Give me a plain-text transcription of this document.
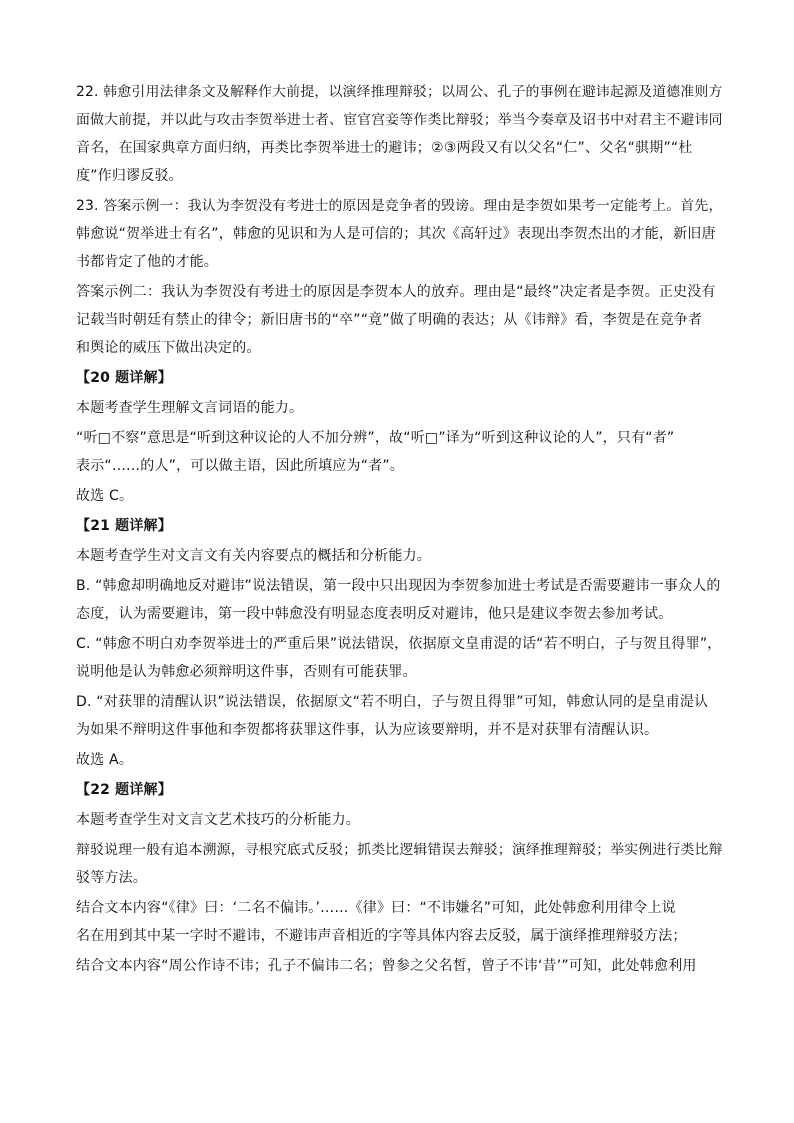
22. 韩愈引用法律条文及解释作大前提，以演绎推理辩驳；以周公、孔子的事例在避讳起源及道德准则方
面做大前提，并以此与攻击李贺举进士者、宦官宫妾等作类比辩驳；举当今奏章及诏书中对君主不避讳同
音名，在国家典章方面归纳，再类比李贺举进士的避讳；②③两段又有以父名“仁”、父名“骐期”“杜
度”作归谬反驳。
23. 答案示例一：我认为李贺没有考进士的原因是竞争者的毁谤。理由是李贺如果考一定能考上。首先，
韩愈说“贺举进士有名”，韩愈的见识和为人是可信的；其次《高轩过》表现出李贺杰出的才能，新旧唐
书都肯定了他的才能。
答案示例二：我认为李贺没有考进士的原因是李贺本人的放弃。理由是“最终”决定者是李贺。正史没有
记载当时朝廷有禁止的律令；新旧唐书的“卒”“竟”做了明确的表达；从《讳辩》看，李贺是在竞争者
和舆论的威压下做出决定的。
【20 题详解】
本题考查学生理解文言词语的能力。
“听□不察”意思是“听到这种议论的人不加分辨”，故“听□”译为“听到这种议论的人”，只有“者”
表示“……的人”，可以做主语，因此所填应为“者”。
故选 C。
【21 题详解】
本题考查学生对文言文有关内容要点的概括和分析能力。
B. “韩愈却明确地反对避讳”说法错误，第一段中只出现因为李贺参加进士考试是否需要避讳一事众人的
态度，认为需要避讳，第一段中韩愈没有明显态度表明反对避讳，他只是建议李贺去参加考试。
C. “韩愈不明白劝李贺举进士的严重后果”说法错误，依据原文皇甫湜的话“若不明白，子与贺且得罪”，
说明他是认为韩愈必须辩明这件事，否则有可能获罪。
D. “对获罪的清醒认识”说法错误，依据原文“若不明白，子与贺且得罪”可知，韩愈认同的是皇甫湜认
为如果不辩明这件事他和李贺都将获罪这件事，认为应该要辩明，并不是对获罪有清醒认识。
故选 A。
【22 题详解】
本题考查学生对文言文艺术技巧的分析能力。
辩驳说理一般有追本溯源，寻根究底式反驳；抓类比逻辑错误去辩驳；演绎推理辩驳；举实例进行类比辩
驳等方法。
结合文本内容“《律》曰：‘二名不偏讳。’……《律》曰：“不讳嫌名”可知，此处韩愈利用律令上说
名在用到其中某一字时不避讳，不避讳声音相近的字等具体内容去反驳，属于演绎推理辩驳方法；
结合文本内容“周公作诗不讳；孔子不偏讳二名；曾参之父名皙，曾子不讳‘昔’”可知，此处韩愈利用
